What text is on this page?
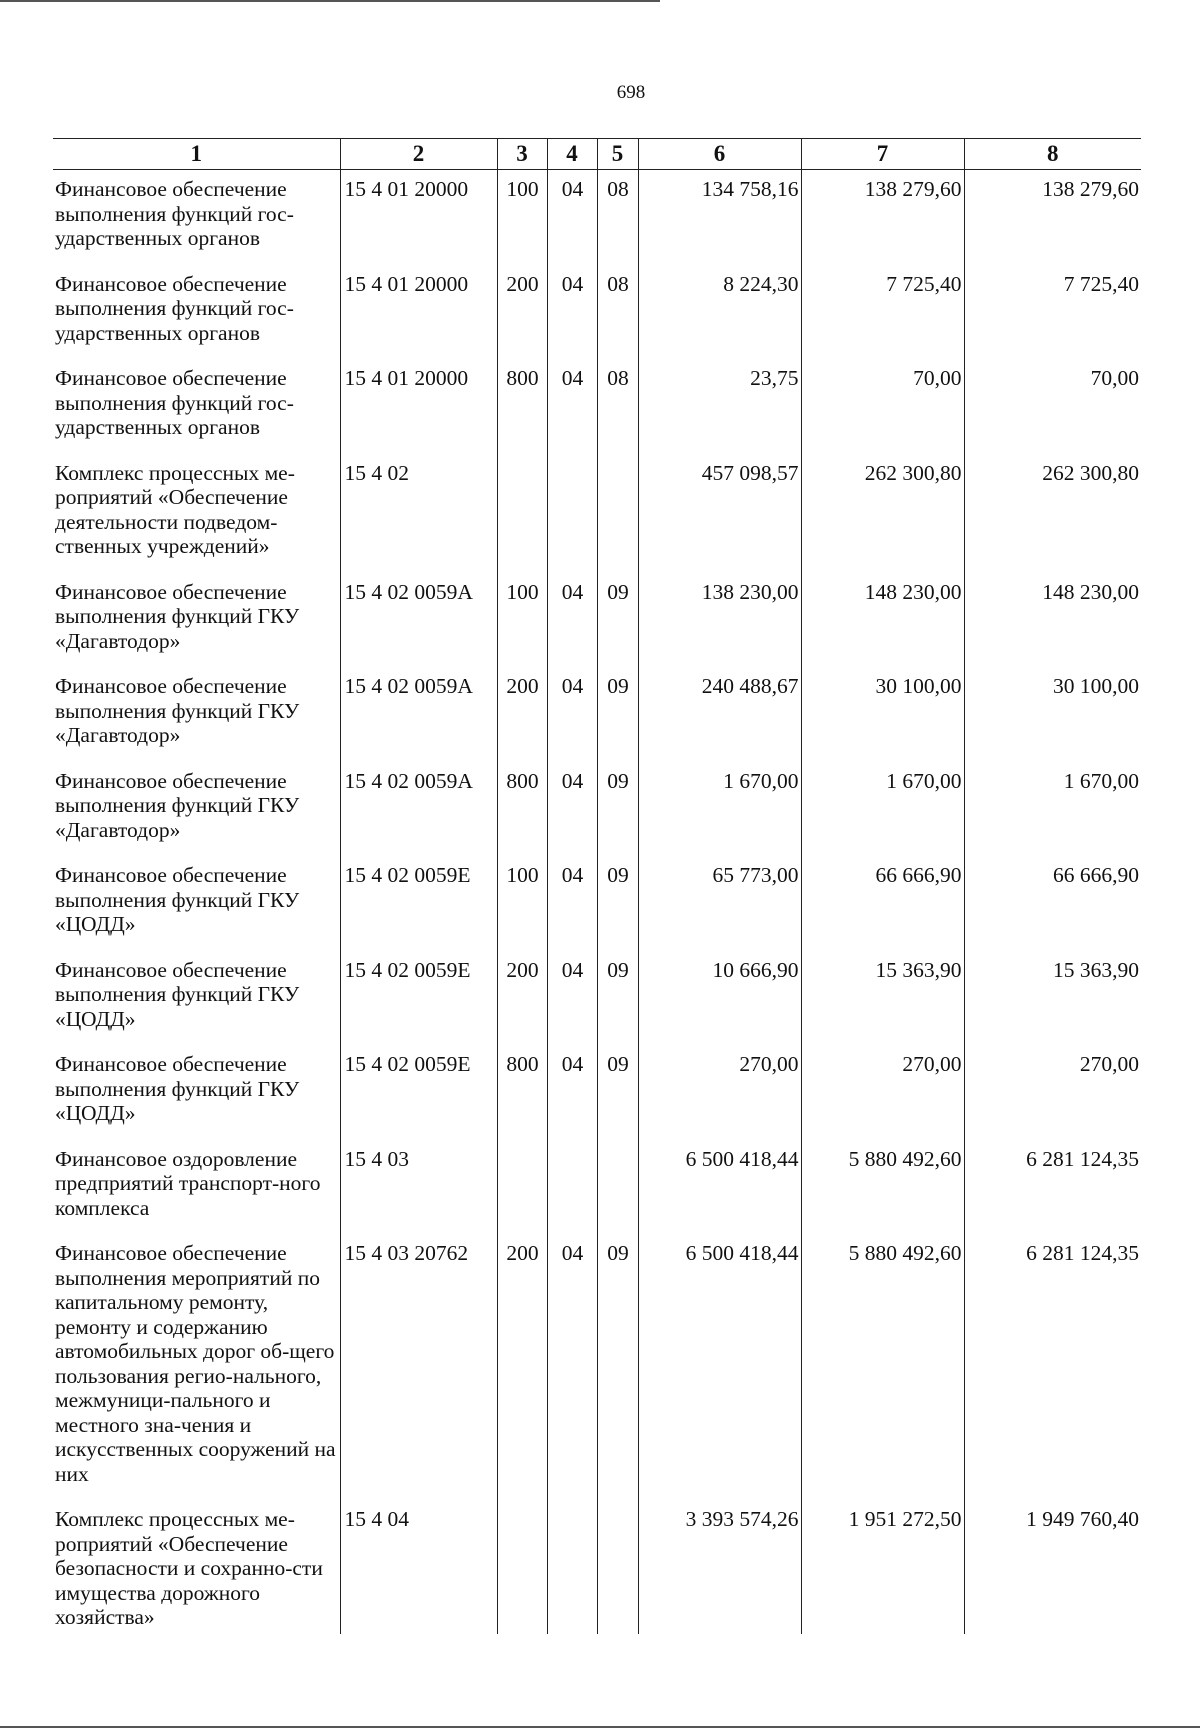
698
1	2	3	4	5	6	7	8
Финансовое обеспечение выполнения функций гос-ударственных органов	15 4 01 20000	100	04	08	134 758,16	138 279,60	138 279,60
Финансовое обеспечение выполнения функций гос-ударственных органов	15 4 01 20000	200	04	08	8 224,30	7 725,40	7 725,40
Финансовое обеспечение выполнения функций гос-ударственных органов	15 4 01 20000	800	04	08	23,75	70,00	70,00
Комплекс процессных ме-роприятий «Обеспечение деятельности подведом-ственных учреждений»	15 4 02				457 098,57	262 300,80	262 300,80
Финансовое обеспечение выполнения функций ГКУ «Дагавтодор»	15 4 02 0059А	100	04	09	138 230,00	148 230,00	148 230,00
Финансовое обеспечение выполнения функций ГКУ «Дагавтодор»	15 4 02 0059А	200	04	09	240 488,67	30 100,00	30 100,00
Финансовое обеспечение выполнения функций ГКУ «Дагавтодор»	15 4 02 0059А	800	04	09	1 670,00	1 670,00	1 670,00
Финансовое обеспечение выполнения функций ГКУ «ЦОДД»	15 4 02 0059Е	100	04	09	65 773,00	66 666,90	66 666,90
Финансовое обеспечение выполнения функций ГКУ «ЦОДД»	15 4 02 0059Е	200	04	09	10 666,90	15 363,90	15 363,90
Финансовое обеспечение выполнения функций ГКУ «ЦОДД»	15 4 02 0059Е	800	04	09	270,00	270,00	270,00
Финансовое оздоровление предприятий транспорт-ного комплекса	15 4 03				6 500 418,44	5 880 492,60	6 281 124,35
Финансовое обеспечение выполнения мероприятий по капитальному ремонту, ремонту и содержанию автомобильных дорог об-щего пользования регио-нального, межмуници-пального и местного зна-чения и искусственных сооружений на них	15 4 03 20762	200	04	09	6 500 418,44	5 880 492,60	6 281 124,35
Комплекс процессных ме-роприятий «Обеспечение безопасности и сохранно-сти имущества дорожного хозяйства»	15 4 04				3 393 574,26	1 951 272,50	1 949 760,40
